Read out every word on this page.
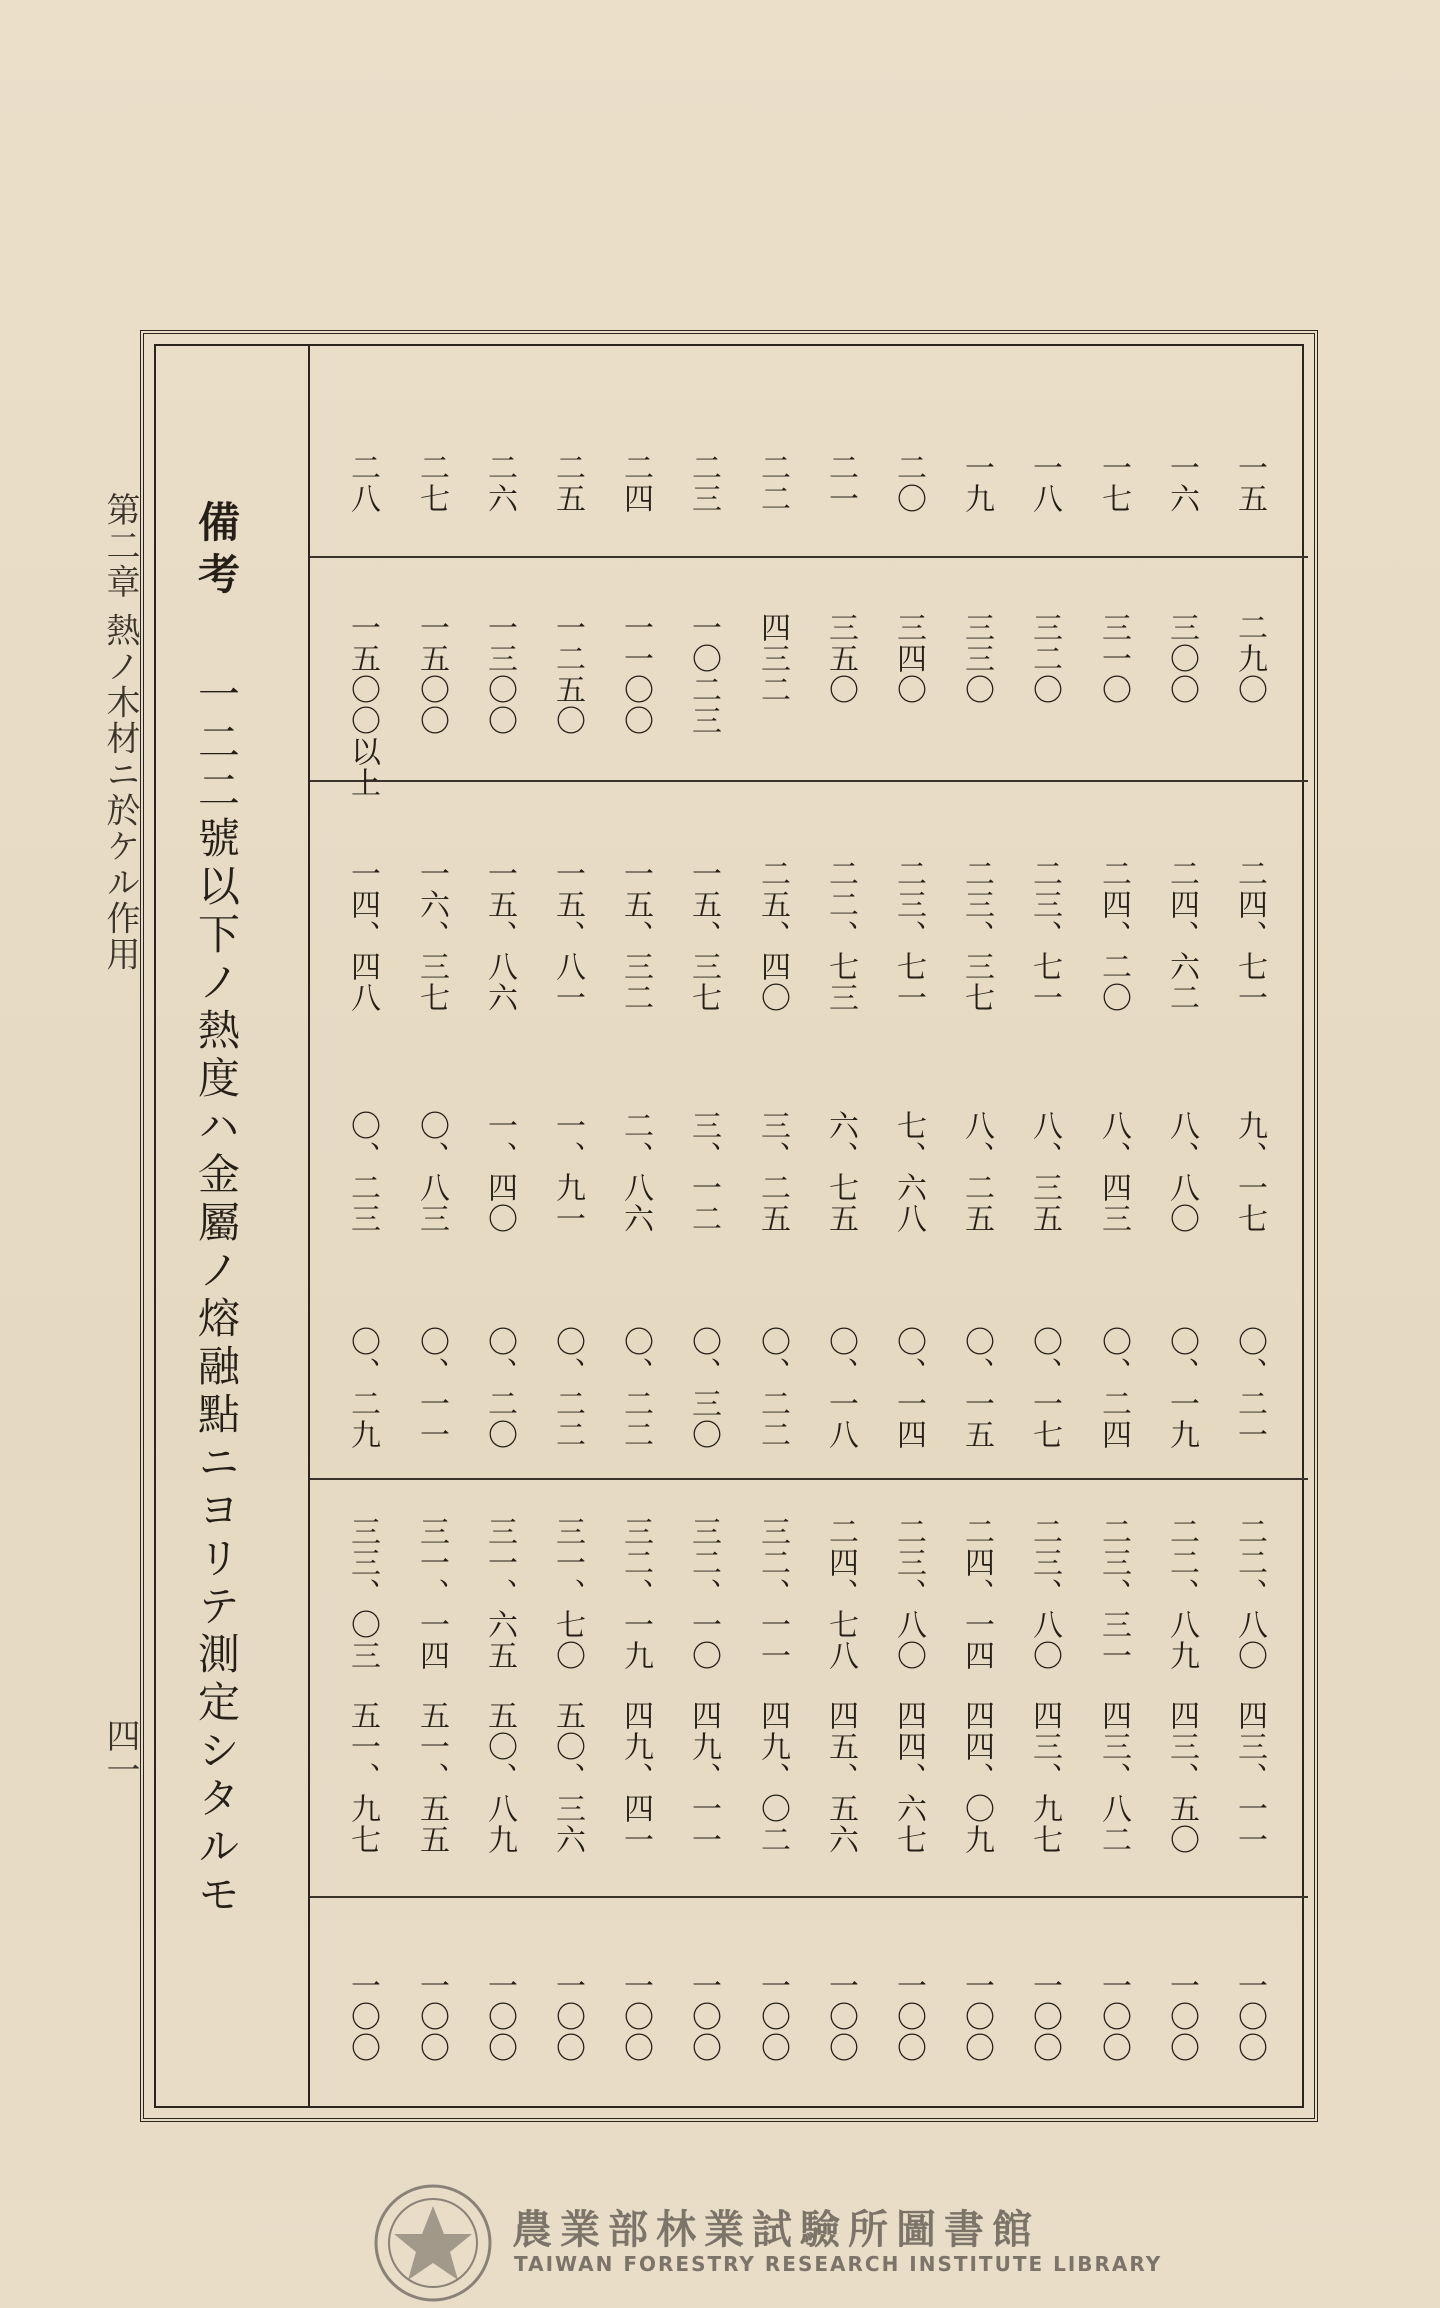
第二章 熱ノ木材ニ於ケル作用
四一
備考一二二號以下ノ熱度ハ金屬ノ熔融點ニヨリテ測定シタルモ
一五
二九〇
二四、七一
九、一七
〇、二一
二二、八〇
四三、一一
一〇〇
一六
三〇〇
二四、六二
八、八〇
〇、一九
二二、八九
四三、五〇
一〇〇
一七
三一〇
二四、二〇
八、四三
〇、二四
二三、三一
四三、八二
一〇〇
一八
三二〇
二三、七一
八、三五
〇、一七
二三、八〇
四三、九七
一〇〇
一九
三三〇
二三、三七
八、二五
〇、一五
二四、一四
四四、〇九
一〇〇
二〇
三四〇
二三、七一
七、六八
〇、一四
二三、八〇
四四、六七
一〇〇
二一
三五〇
二二、七三
六、七五
〇、一八
二四、七八
四五、五六
一〇〇
二二
四三二
二五、四〇
三、二五
〇、二二
三二、一一
四九、〇二
一〇〇
二三
一〇二三
一五、三七
三、一二
〇、三〇
三二、一〇
四九、一一
一〇〇
二四
一一〇〇
一五、三二
二、八六
〇、二二
三二、一九
四九、四一
一〇〇
二五
一二五〇
一五、八一
一、九一
〇、二二
三一、七〇
五〇、三六
一〇〇
二六
一三〇〇
一五、八六
一、四〇
〇、二〇
三一、六五
五〇、八九
一〇〇
二七
一五〇〇
一六、三七
〇、八三
〇、一一
三一、一四
五一、五五
一〇〇
二八
一五〇〇以上
一四、四八
〇、二三
〇、二九
三三、〇三
五一、九七
一〇〇
農業部林業試驗所圖書館
TAIWAN FORESTRY RESEARCH INSTITUTE LIBRARY
